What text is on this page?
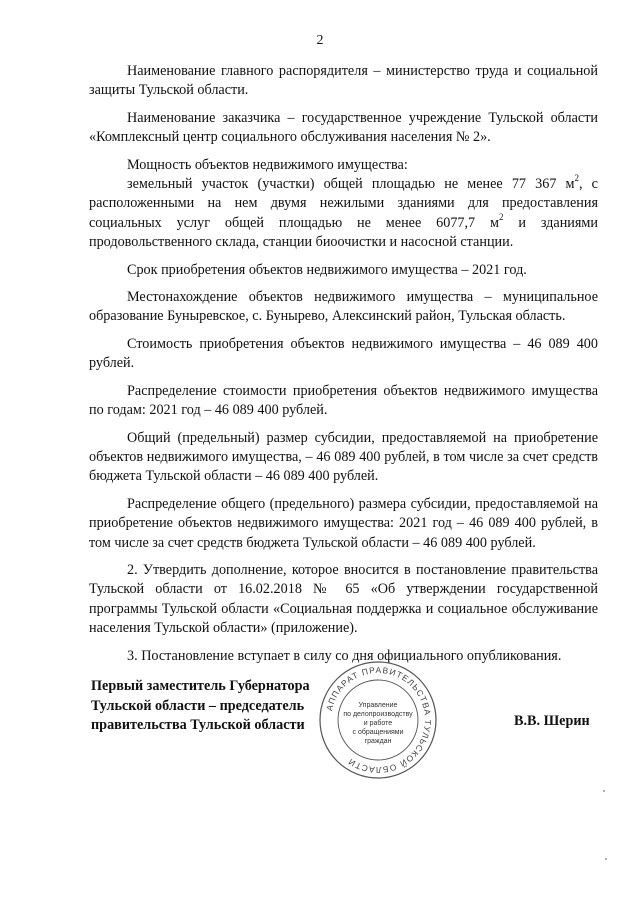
2

Наименование главного распорядителя – министерство труда и социальной защиты Тульской области.

Наименование заказчика – государственное учреждение Тульской области «Комплексный центр социального обслуживания населения № 2».

Мощность объектов недвижимого имущества:

земельный участок (участки) общей площадью не менее 77 367 $м^2$, с расположенными на нем двумя нежилыми зданиями для предоставления социальных услуг общей площадью не менее 6077,7 $м^2$ и зданиями продовольственного склада, станции биоочистки и насосной станции.

Срок приобретения объектов недвижимого имущества – 2021 год.

Местонахождение объектов недвижимого имущества – муниципальное образование Бунырeвское, с. Бунырево, Алексинский район, Тульская область.

Стоимость приобретения объектов недвижимого имущества – 46 089 400 рублей.

Распределение стоимости приобретения объектов недвижимого имущества по годам: 2021 год – 46 089 400 рублей.

Общий (предельный) размер субсидии, предоставляемой на приобретение объектов недвижимого имущества, – 46 089 400 рублей, в том числе за счет средств бюджета Тульской области – 46 089 400 рублей.

Распределение общего (предельного) размера субсидии, предоставляемой на приобретение объектов недвижимого имущества: 2021 год – 46 089 400 рублей, в том числе за счет средств бюджета Тульской области – 46 089 400 рублей.

2. Утвердить дополнение, которое вносится в постановление правительства Тульской области от 16.02.2018 № 65 «Об утверждении государственной программы Тульской области «Социальная поддержка и социальное обслуживание населения Тульской области» (приложение).

3. Постановление вступает в силу со дня официального опубликования.

АППАРАТ ПРАВИТЕЛЬСТВА ТУЛЬСКОЙ ОБЛАСТИ
Управление
по делопроизводству
и работе
с обращениями
граждан
Первый заместитель Губернатора
Тульской области – председатель
правительства Тульской области	В.В. Шерин
